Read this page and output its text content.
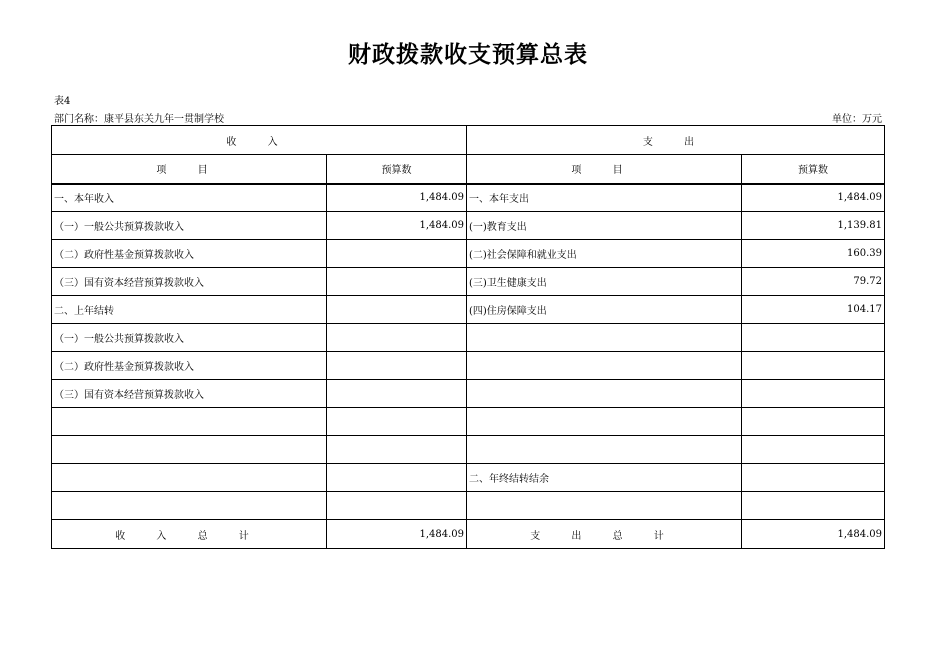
财政拨款收支预算总表
表4
部门名称：康平县东关九年一贯制学校	单位：万元
收 入		支 出	
项 目	预算数	项 目	预算数
一、本年收入	1,484.09	一、本年支出	1,484.09
（一）一般公共预算拨款收入	1,484.09	(一)教育支出	1,139.81
（二）政府性基金预算拨款收入		(二)社会保障和就业支出	160.39
（三）国有资本经营预算拨款收入		(三)卫生健康支出	79.72
二、上年结转		(四)住房保障支出	104.17
（一）一般公共预算拨款收入			
（二）政府性基金预算拨款收入			
（三）国有资本经营预算拨款收入			

		二、年终结转结余	

收 入 总 计	1,484.09	支 出 总 计	1,484.09
